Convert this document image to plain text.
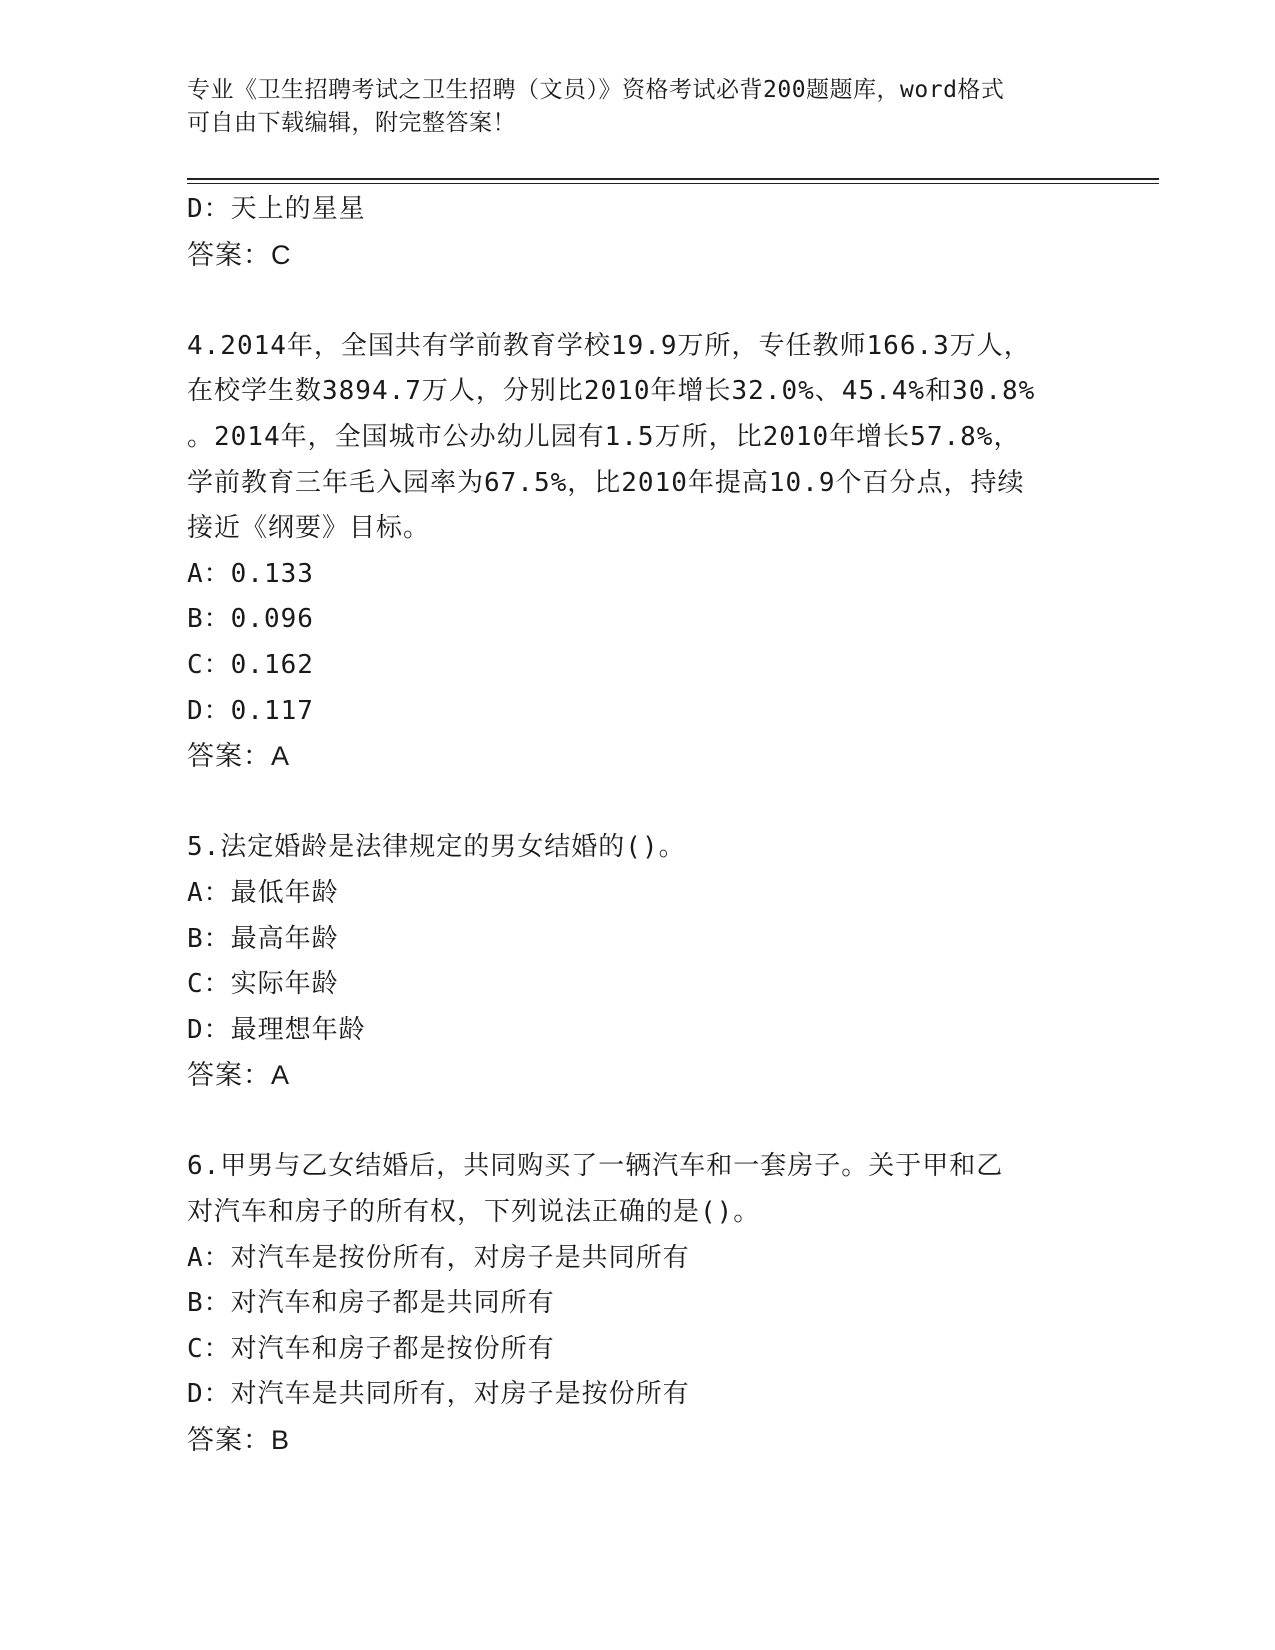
专业《卫生招聘考试之卫生招聘（文员）》资格考试必背200题题库，word格式
可自由下载编辑，附完整答案！
D：天上的星星
答案：C
4.2014年，全国共有学前教育学校19.9万所，专任教师166.3万人，
在校学生数3894.7万人，分别比2010年增长32.0%、45.4%和30.8%
。2014年，全国城市公办幼儿园有1.5万所，比2010年增长57.8%，
学前教育三年毛入园率为67.5%，比2010年提高10.9个百分点，持续
接近《纲要》目标。
A：0.133
B：0.096
C：0.162
D：0.117
答案：A
5.法定婚龄是法律规定的男女结婚的()。
A：最低年龄
B：最高年龄
C：实际年龄
D：最理想年龄
答案：A
6.甲男与乙女结婚后，共同购买了一辆汽车和一套房子。关于甲和乙
对汽车和房子的所有权，下列说法正确的是()。
A：对汽车是按份所有，对房子是共同所有
B：对汽车和房子都是共同所有
C：对汽车和房子都是按份所有
D：对汽车是共同所有，对房子是按份所有
答案：B
